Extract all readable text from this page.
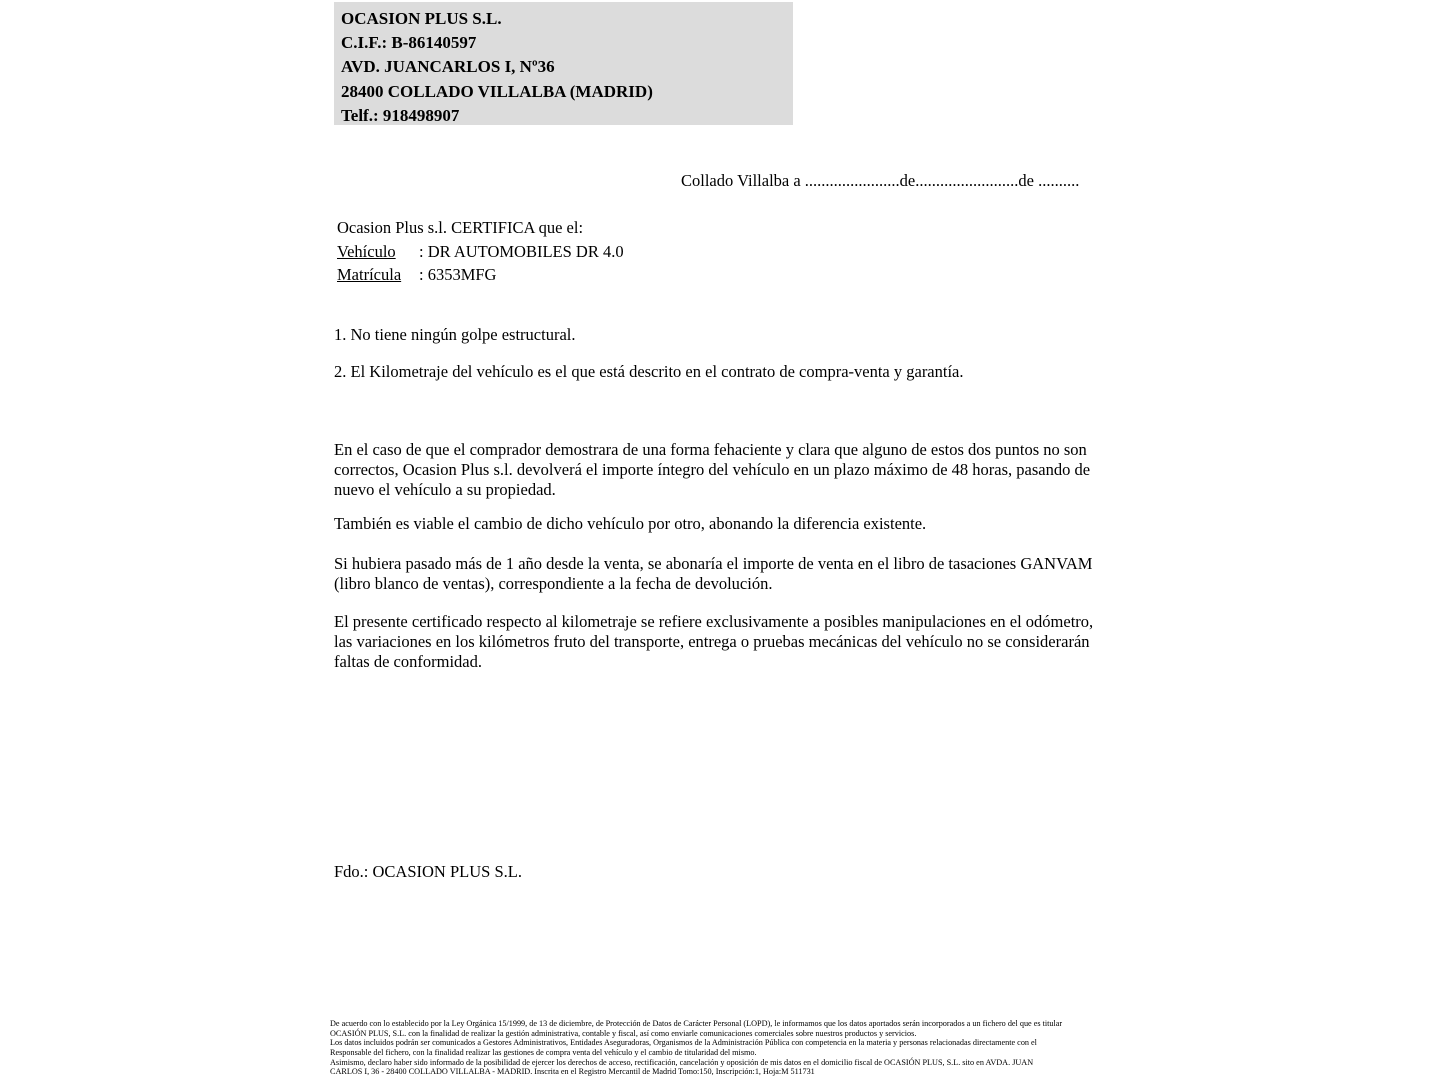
OCASION PLUS S.L.
C.I.F.: B-86140597
AVD. JUANCARLOS I, Nº36
28400 COLLADO VILLALBA (MADRID)
Telf.: 918498907
Collado Villalba a .......................de.........................de ..........
Ocasion Plus s.l. CERTIFICA que el:
Vehículo : DR AUTOMOBILES DR 4.0
Matrícula : 6353MFG
1. No tiene ningún golpe estructural.
2. El Kilometraje del vehículo es el que está descrito en el contrato de compra-venta y garantía.

En el caso de que el comprador demostrara de una forma fehaciente y clara que alguno de estos dos puntos no son correctos, Ocasion Plus s.l. devolverá el importe íntegro del vehículo en un plazo máximo de 48 horas, pasando de nuevo el vehículo a su propiedad.

También es viable el cambio de dicho vehículo por otro, abonando la diferencia existente.

Si hubiera pasado más de 1 año desde la venta, se abonaría el importe de venta en el libro de tasaciones GANVAM (libro blanco de ventas), correspondiente a la fecha de devolución.

El presente certificado respecto al kilometraje se refiere exclusivamente a posibles manipulaciones en el odómetro, las variaciones en los kilómetros fruto del transporte, entrega o pruebas mecánicas del vehículo no se considerarán faltas de conformidad.

Fdo.: OCASION PLUS S.L.
De acuerdo con lo establecido por la Ley Orgánica 15/1999, de 13 de diciembre, de Protección de Datos de Carácter Personal (LOPD), le informamos que los datos aportados serán incorporados a un fichero del que es titular
OCASIÓN PLUS, S.L. con la finalidad de realizar la gestión administrativa, contable y fiscal, así como enviarle comunicaciones comerciales sobre nuestros productos y servicios.
Los datos incluidos podrán ser comunicados a Gestores Administrativos, Entidades Aseguradoras, Organismos de la Administración Pública con competencia en la materia y personas relacionadas directamente con el
Responsable del fichero, con la finalidad realizar las gestiones de compra venta del vehículo y el cambio de titularidad del mismo.
Asimismo, declaro haber sido informado de la posibilidad de ejercer los derechos de acceso, rectificación, cancelación y oposición de mis datos en el domicilio fiscal de OCASIÓN PLUS, S.L. sito en AVDA. JUAN
CARLOS I, 36 - 28400 COLLADO VILLALBA - MADRID. Inscrita en el Registro Mercantil de Madrid Tomo:150, Inscripción:1, Hoja:M 511731
